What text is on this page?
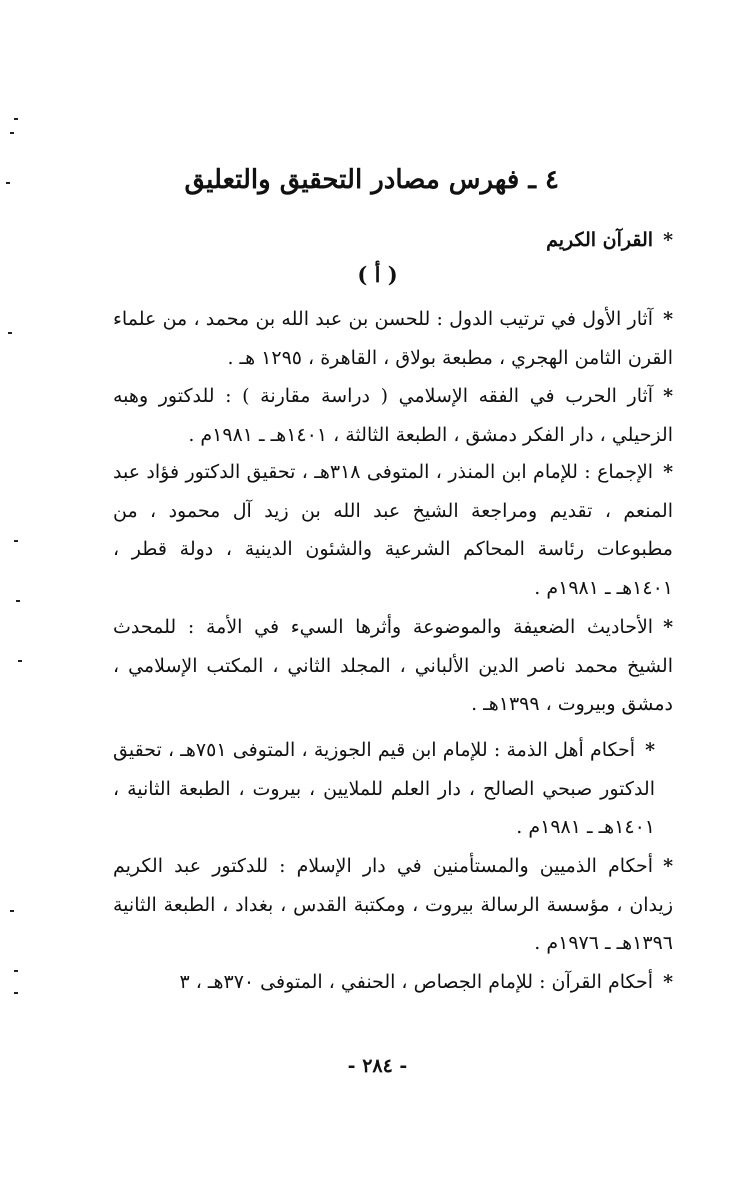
٤ ـ فهرس مصادر التحقيق والتعليق
*القرآن الكريم
( أ )
*آثار الأول في ترتيب الدول : للحسن بن عبد الله بن محمد ، من علماء القرن الثامن الهجري ، مطبعة بولاق ، القاهرة ، ١٢٩٥ هـ .
*آثار الحرب في الفقه الإسلامي ( دراسة مقارنة ) : للدكتور وهبه الزحيلي ، دار الفكر دمشق ، الطبعة الثالثة ، ١٤٠١هـ ـ ١٩٨١م .
*الإجماع : للإمام ابن المنذر ، المتوفى ٣١٨هـ ، تحقيق الدكتور فؤاد عبد المنعم ، تقديم ومراجعة الشيخ عبد الله بن زيد آل محمود ، من مطبوعات رئاسة المحاكم الشرعية والشئون الدينية ، دولة قطر ، ١٤٠١هـ ـ ١٩٨١م .
*الأحاديث الضعيفة والموضوعة وأثرها السيء في الأمة : للمحدث الشيخ محمد ناصر الدين الألباني ، المجلد الثاني ، المكتب الإسلامي ، دمشق وبيروت ، ١٣٩٩هـ .
*أحكام أهل الذمة : للإمام ابن قيم الجوزية ، المتوفى ٧٥١هـ ، تحقيق الدكتور صبحي الصالح ، دار العلم للملايين ، بيروت ، الطبعة الثانية ، ١٤٠١هـ ـ ١٩٨١م .
*أحكام الذميين والمستأمنين في دار الإسلام : للدكتور عبد الكريم زيدان ، مؤسسة الرسالة بيروت ، ومكتبة القدس ، بغداد ، الطبعة الثانية ١٣٩٦هـ ـ ١٩٧٦م .
*أحكام القرآن : للإمام الجصاص ، الحنفي ، المتوفى ٣٧٠هـ ، ٣
- ٢٨٤ -
